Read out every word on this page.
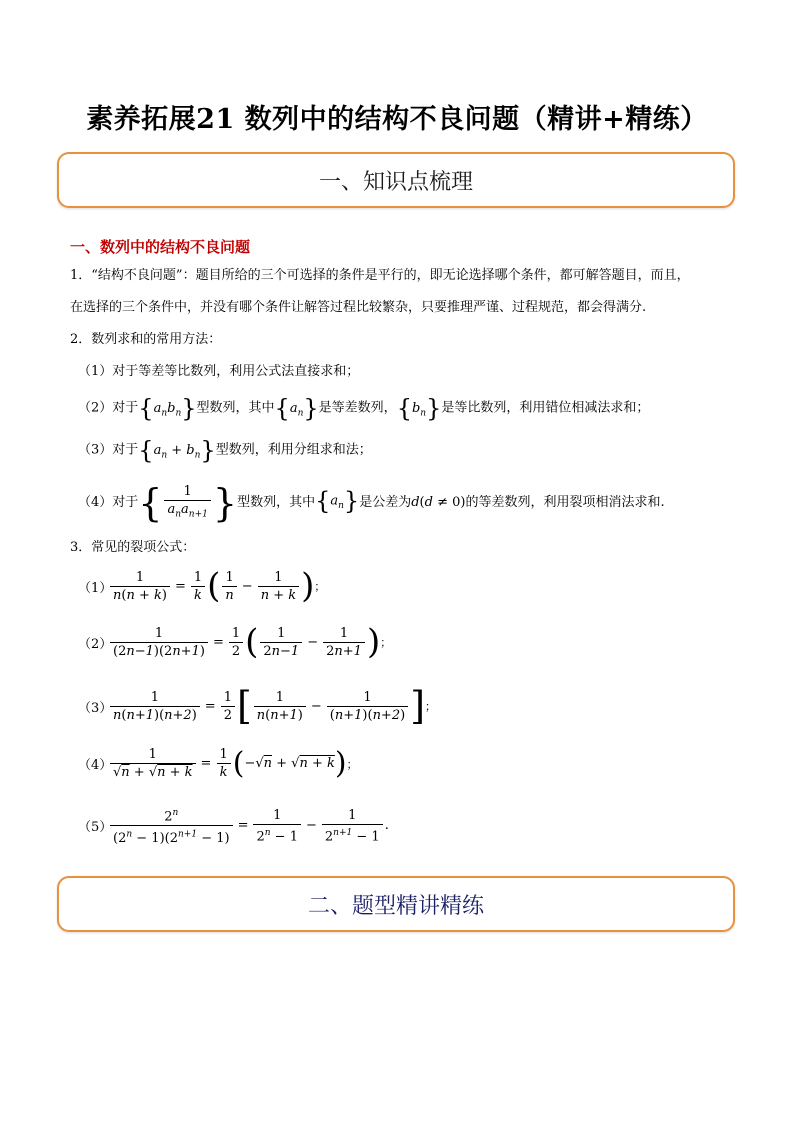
素养拓展21 数列中的结构不良问题（精讲+精练）
一、知识点梳理
一、数列中的结构不良问题
1．“结构不良问题”：题目所给的三个可选择的条件是平行的，即无论选择哪个条件，都可解答题目，而且，
在选择的三个条件中，并没有哪个条件让解答过程比较繁杂，只要推理严谨、过程规范，都会得满分.
2．数列求和的常用方法：
（1）对于等差等比数列，利用公式法直接求和；
（2）对于$\{a_nb_n\}$型数列，其中$\{a_n\}$是等差数列，$\{b_n\}$是等比数列，利用错位相减法求和；
（3）对于$\{a_n + b_n\}$型数列，利用分组求和法；
（4）对于 { $\frac{1}{a_na_{n+1}}$ } 型数列，其中 $\{a_n\}$ 是公差为 d(d ≠ 0) 的等差数列，利用裂项相消法求和.
3．常见的裂项公式：
（1）
$\frac{1}{n(n + k)} = \frac{1}{k}$ ( $\frac{1}{n} - \frac{1}{n + k}$ ) ；
（2）
$\frac{1}{(2n-1)(2n+1)} = \frac{1}{2}$ ( $\frac{1}{2n-1} - \frac{1}{2n+1}$ ) ；
（3）
$\frac{1}{n(n+1)(n+2)} = \frac{1}{2}$ [ $\frac{1}{n(n+1)} - \frac{1}{(n+1)(n+2)}$ ] ；
（4）
$\frac{1}{√n + √n + k} = \frac{1}{k}$ ( −√ n + √ n + k ) ；
（5）
$\frac{2^n}{(2^n - 1)(2^{n+1} - 1)} = \frac{1}{2^n - 1} - \frac{1}{2^{n+1} - 1}$ .
二、题型精讲精练
